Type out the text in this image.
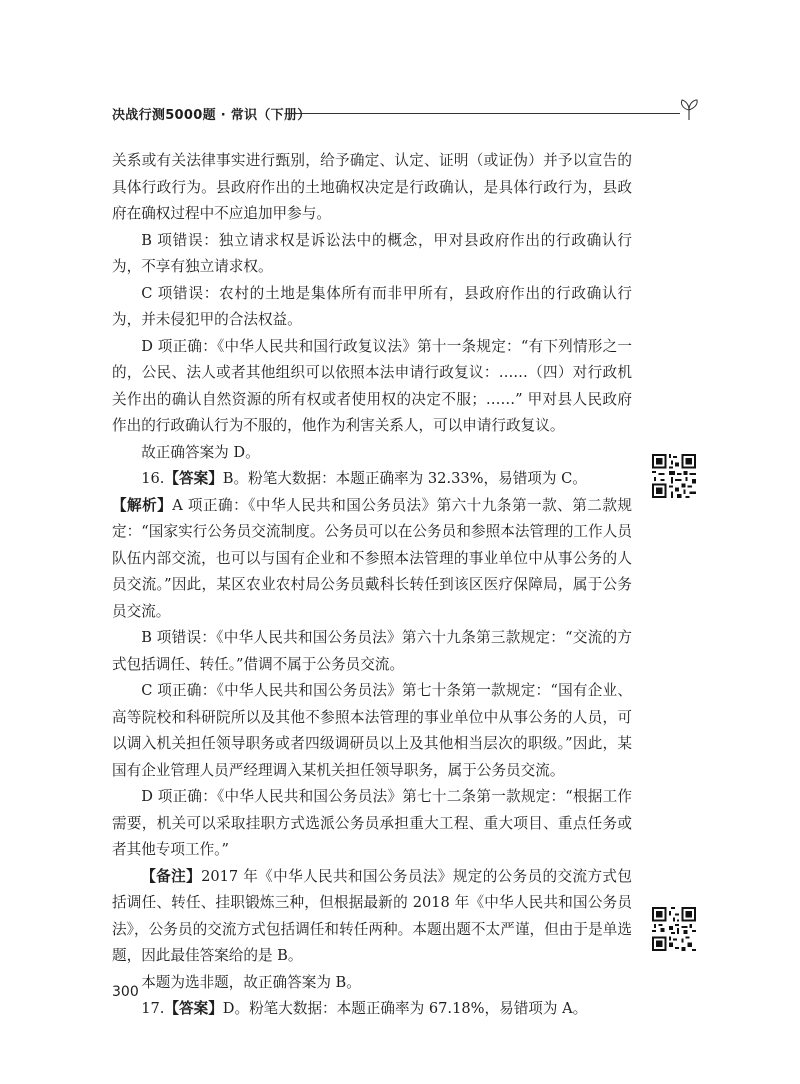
决战行测5000题 · 常识（下册）

关系或有关法律事实进行甄别，给予确定、认定、证明（或证伪）并予以宣告的具体行政行为。县政府作出的土地确权决定是行政确认，是具体行政行为，县政府在确权过程中不应追加甲参与。

B 项错误：独立请求权是诉讼法中的概念，甲对县政府作出的行政确认行为，不享有独立请求权。

C 项错误：农村的土地是集体所有而非甲所有，县政府作出的行政确认行为，并未侵犯甲的合法权益。

D 项正确：《中华人民共和国行政复议法》第十一条规定：“有下列情形之一的，公民、法人或者其他组织可以依照本法申请行政复议：……（四）对行政机关作出的确认自然资源的所有权或者使用权的决定不服；……” 甲对县人民政府作出的行政确认行为不服的，他作为利害关系人，可以申请行政复议。

故正确答案为 D。

16.【答案】B。粉笔大数据：本题正确率为 32.33%，易错项为 C。

【解析】A 项正确：《中华人民共和国公务员法》第六十九条第一款、第二款规定：“国家实行公务员交流制度。公务员可以在公务员和参照本法管理的工作人员队伍内部交流，也可以与国有企业和不参照本法管理的事业单位中从事公务的人员交流。”因此，某区农业农村局公务员戴科长转任到该区医疗保障局，属于公务员交流。

B 项错误：《中华人民共和国公务员法》第六十九条第三款规定：“交流的方式包括调任、转任。”借调不属于公务员交流。

C 项正确：《中华人民共和国公务员法》第七十条第一款规定：“国有企业、高等院校和科研院所以及其他不参照本法管理的事业单位中从事公务的人员，可以调入机关担任领导职务或者四级调研员以上及其他相当层次的职级。”因此，某国有企业管理人员严经理调入某机关担任领导职务，属于公务员交流。

D 项正确：《中华人民共和国公务员法》第七十二条第一款规定：“根据工作需要，机关可以采取挂职方式选派公务员承担重大工程、重大项目、重点任务或者其他专项工作。”

【备注】2017 年《中华人民共和国公务员法》规定的公务员的交流方式包括调任、转任、挂职锻炼三种，但根据最新的 2018 年《中华人民共和国公务员法》，公务员的交流方式包括调任和转任两种。本题出题不太严谨，但由于是单选题，因此最佳答案给的是 B。

本题为选非题，故正确答案为 B。

17.【答案】D。粉笔大数据：本题正确率为 67.18%，易错项为 A。

300
